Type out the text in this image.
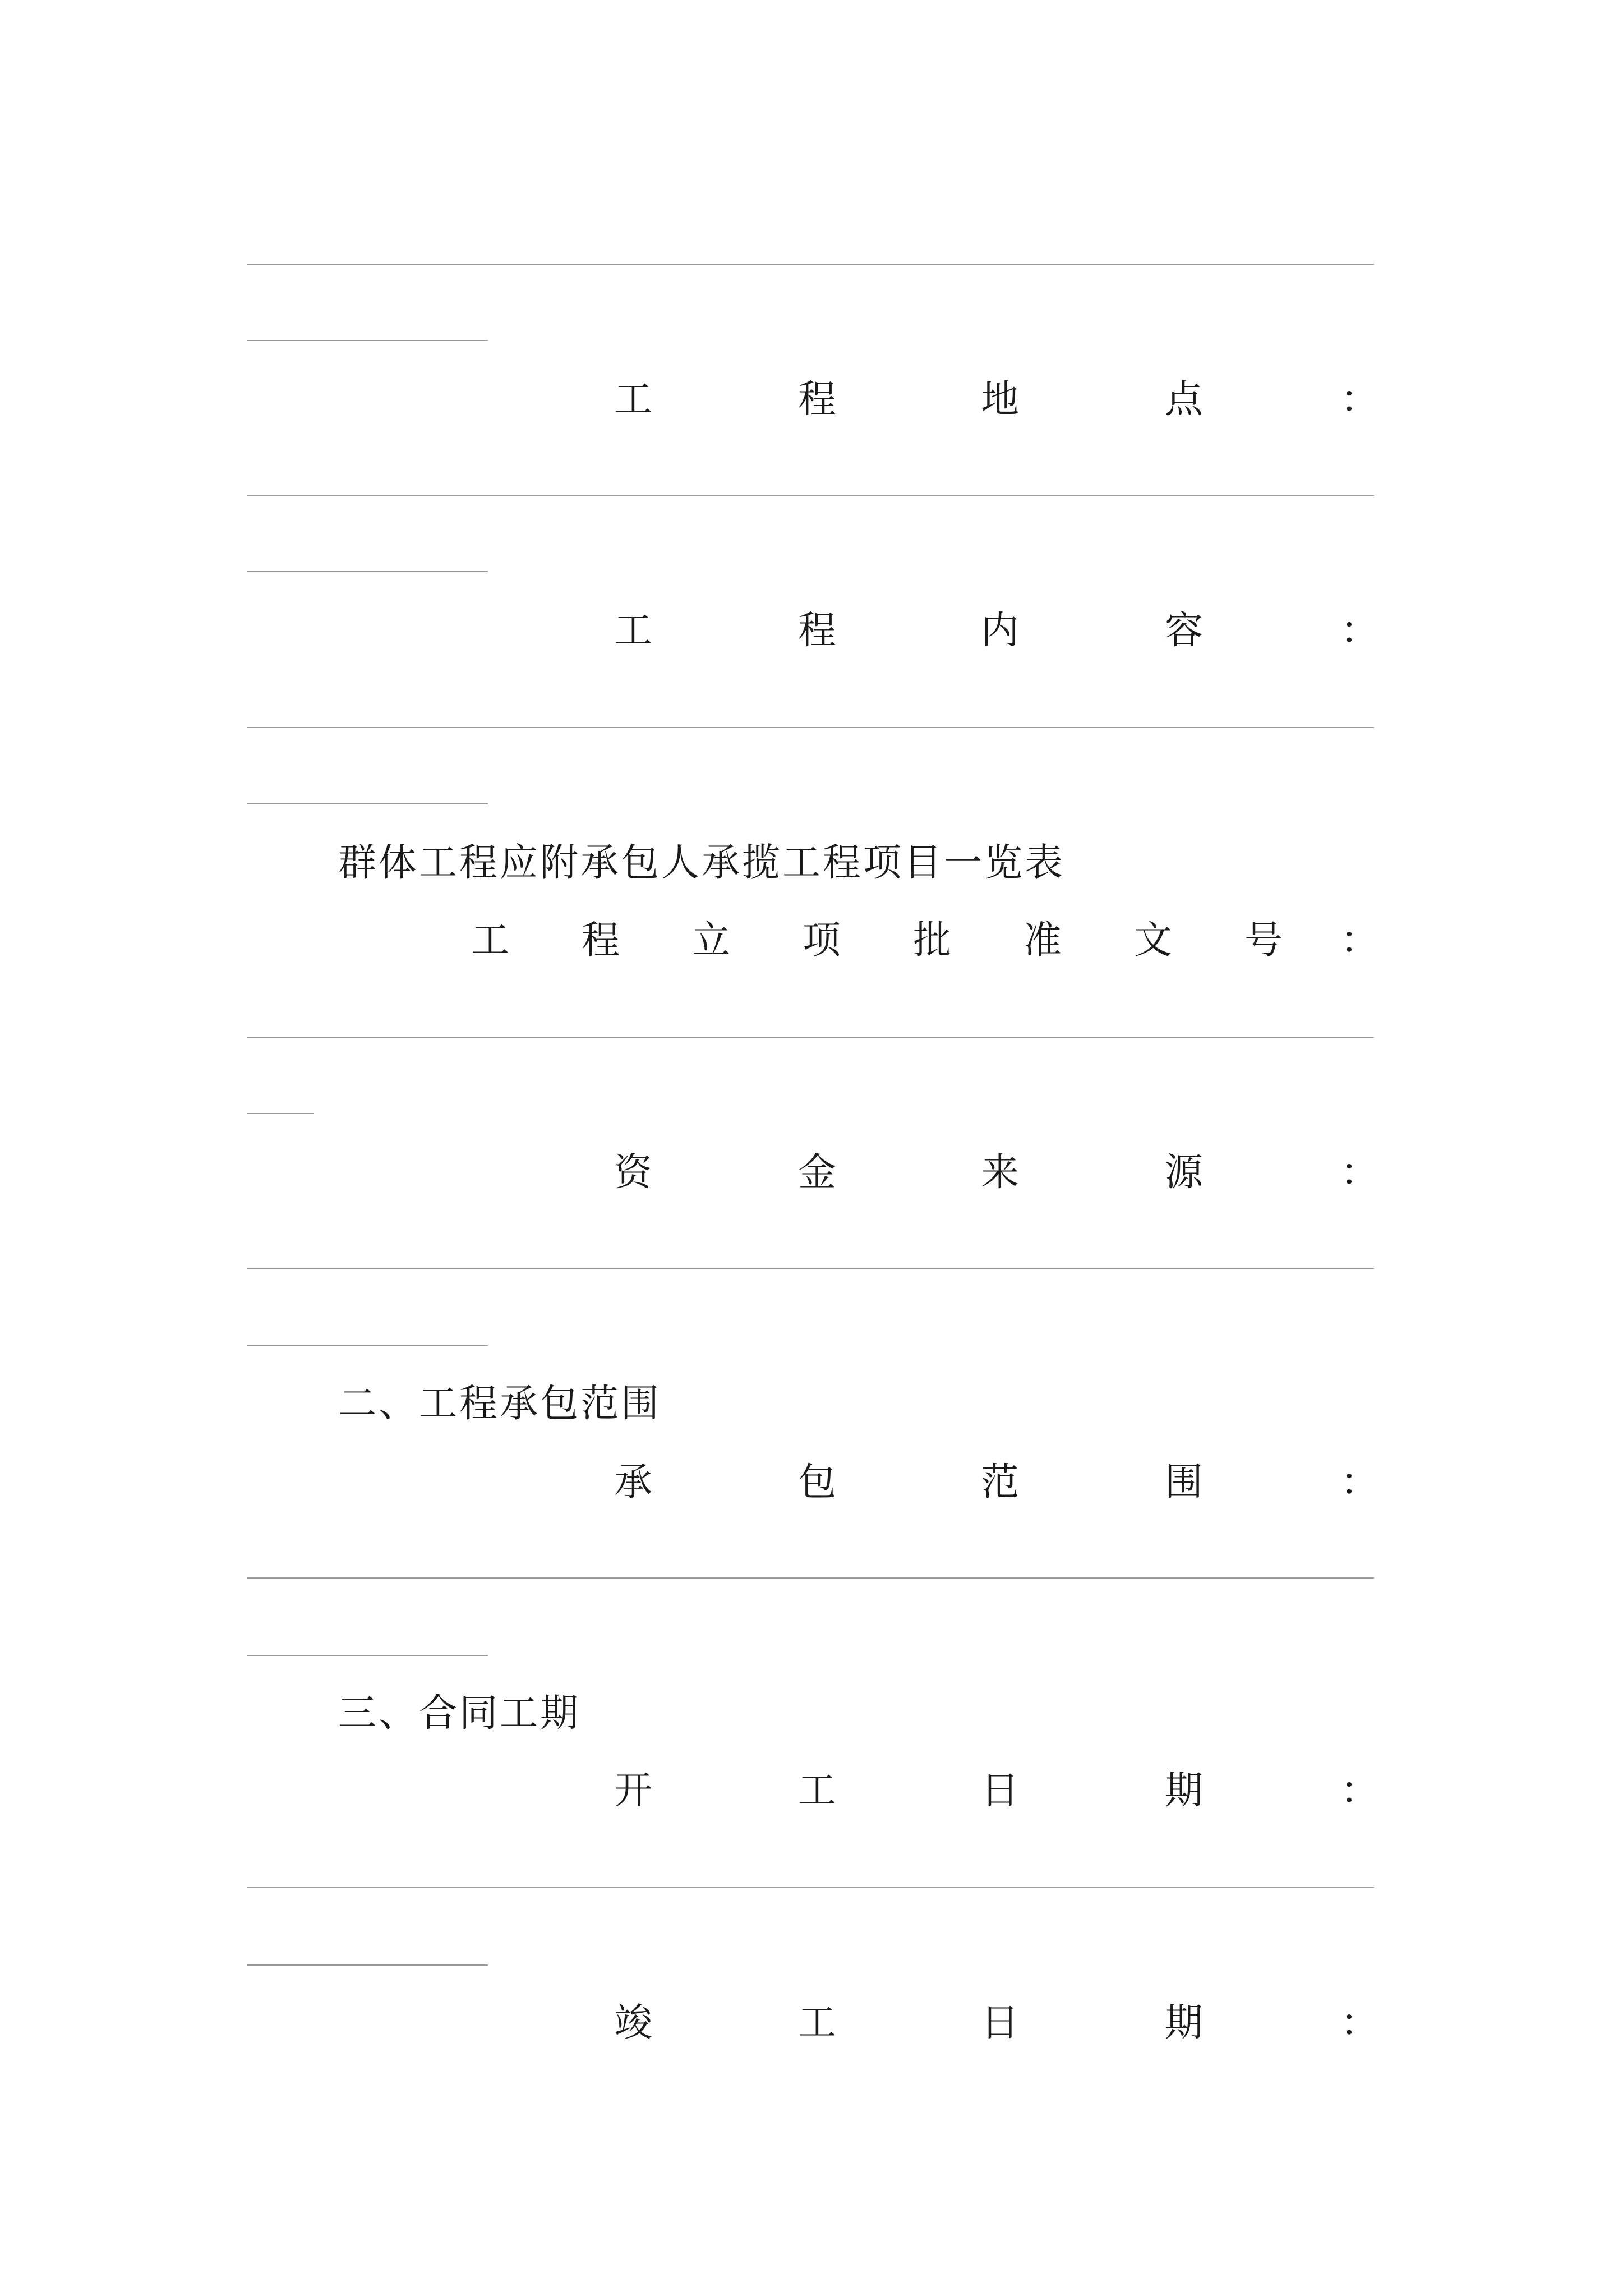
工	程	地	点	：
工	程	内	容	：
群体工程应附承包人承揽工程项目一览表
工 程 立 项 批 准 文 号 ：
资	金	来	源	：
二、工程承包范围
承	包	范	围	：
三、合同工期
开	工	日	期	：
竣	工	日	期	：
